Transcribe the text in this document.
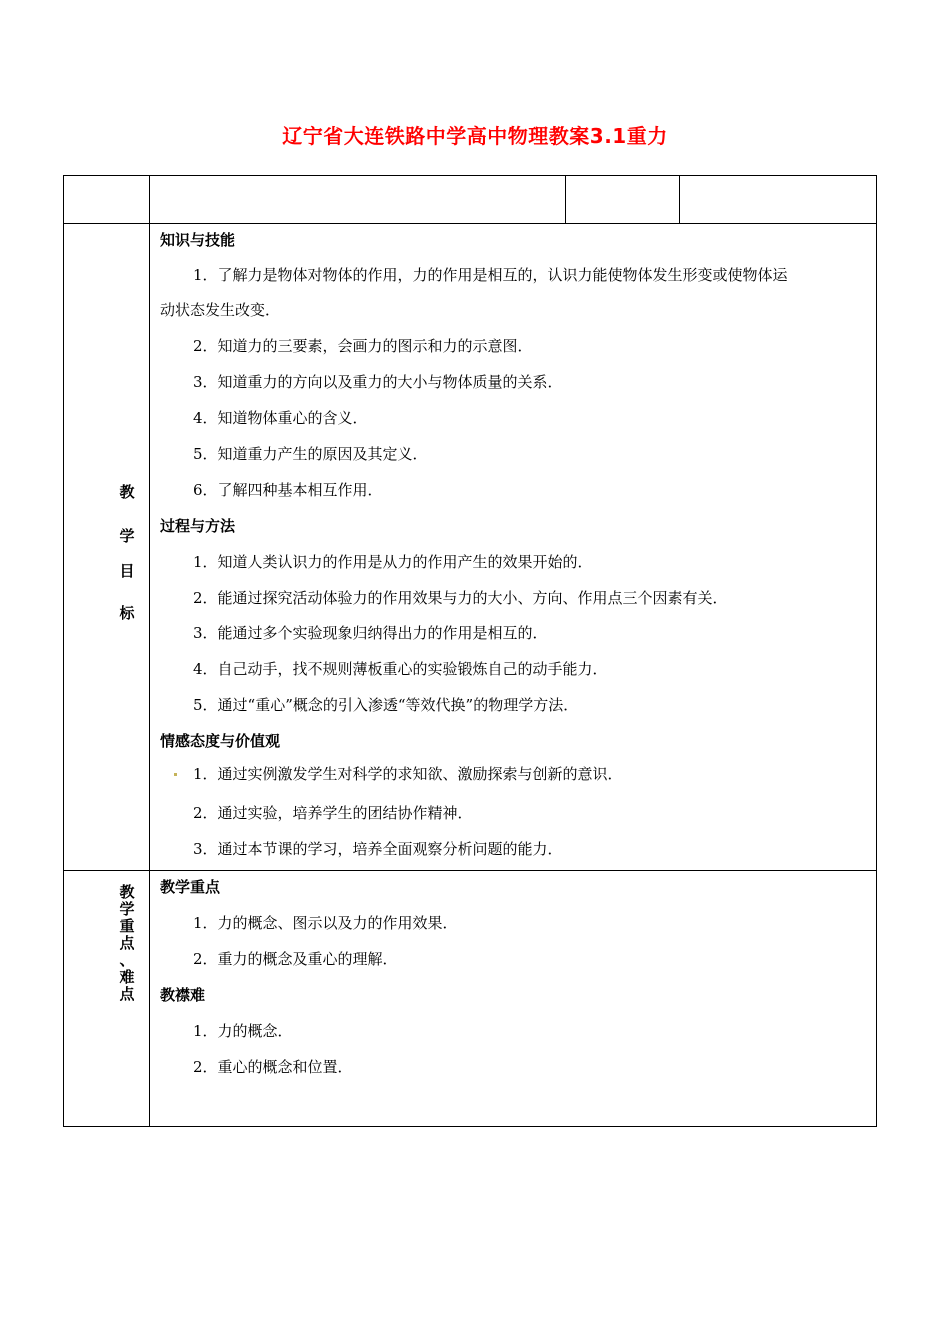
辽宁省大连铁路中学高中物理教案3.1重力
教
学
目
标
知识与技能
1．了解力是物体对物体的作用，力的作用是相互的，认识力能使物体发生形变或使物体运
动状态发生改变．
2．知道力的三要素，会画力的图示和力的示意图．
3．知道重力的方向以及重力的大小与物体质量的关系．
4．知道物体重心的含义．
5．知道重力产生的原因及其定义．
6．了解四种基本相互作用．
过程与方法
1．知道人类认识力的作用是从力的作用产生的效果开始的．
2．能通过探究活动体验力的作用效果与力的大小、方向、作用点三个因素有关．
3．能通过多个实验现象归纳得出力的作用是相互的．
4．自己动手，找不规则薄板重心的实验锻炼自己的动手能力．
5．通过“重心”概念的引入渗透“等效代换”的物理学方法．
情感态度与价值观
1．通过实例激发学生对科学的求知欲、激励探索与创新的意识．
2．通过实验，培养学生的团结协作精神．
3．通过本节课的学习，培养全面观察分析问题的能力．
教
学
重
点
、
难
点
教学重点
1．力的概念、图示以及力的作用效果．
2．重力的概念及重心的理解．
教襟难
1．力的概念．
2．重心的概念和位置．
